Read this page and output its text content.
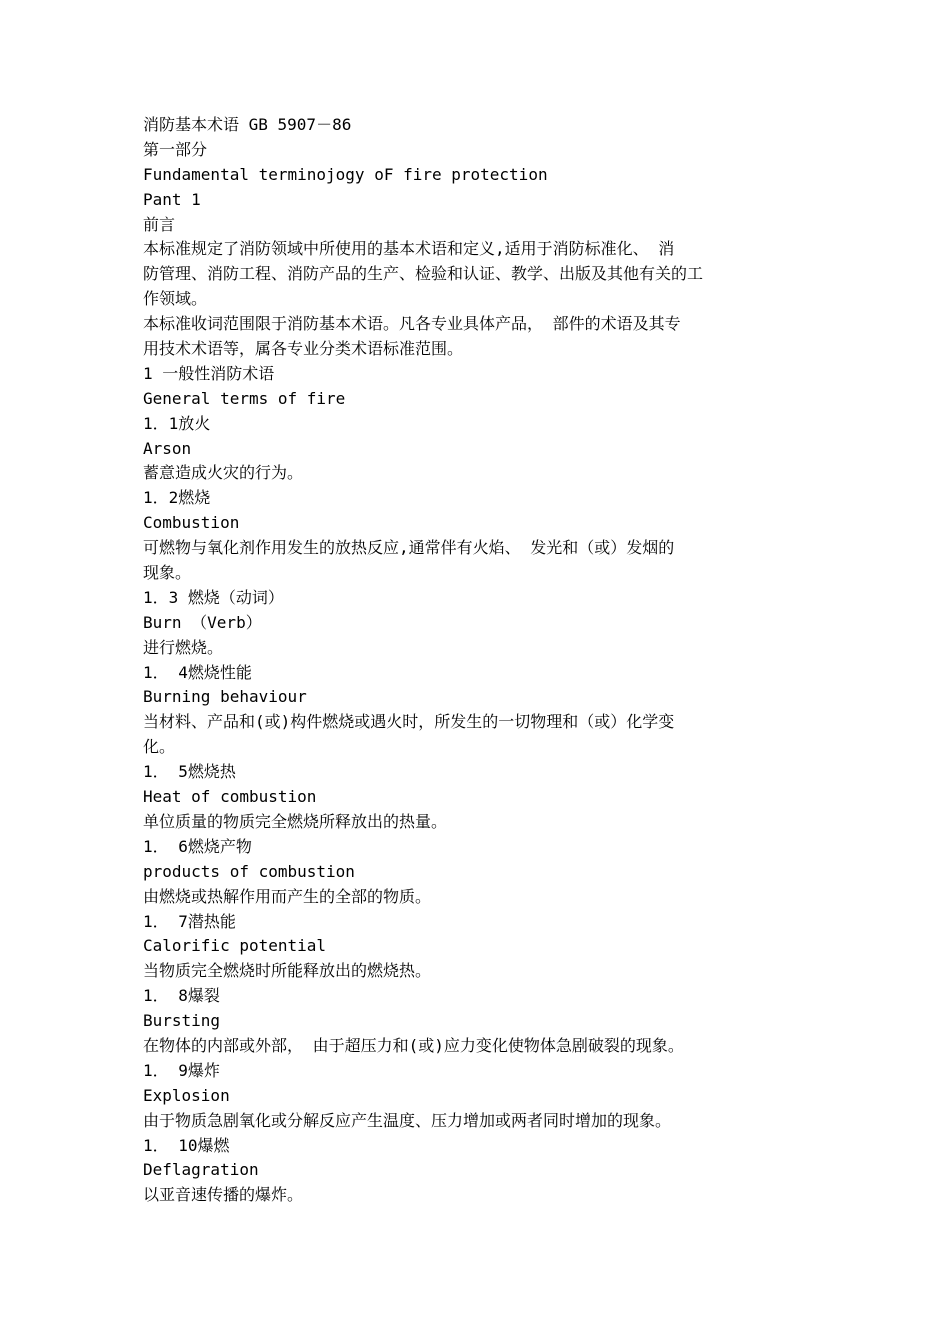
消防基本术语 GB 5907－86

第一部分

Fundamental terminojogy oF fire protection

Pant 1

前言

本标准规定了消防领域中所使用的基本术语和定义,适用于消防标准化、 消

防管理、消防工程、消防产品的生产、检验和认证、教学、出版及其他有关的工

作领域。

本标准收词范围限于消防基本术语。凡各专业具体产品， 部件的术语及其专

用技术术语等，属各专业分类术语标准范围。

1 一般性消防术语

General terms of fire

1．1放火

Arson

蓄意造成火灾的行为。

1．2燃烧

Combustion

可燃物与氧化剂作用发生的放热反应,通常伴有火焰、 发光和（或）发烟的

现象。

1．3 燃烧（动词）

Burn （Verb）

进行燃烧。

1． 4燃烧性能

Burning behaviour

当材料、产品和(或)构件燃烧或遇火时，所发生的一切物理和（或）化学变

化。

1． 5燃烧热

Heat of combustion

单位质量的物质完全燃烧所释放出的热量。

1． 6燃烧产物

products of combustion

由燃烧或热解作用而产生的全部的物质。

1． 7潜热能

Calorific potential

当物质完全燃烧时所能释放出的燃烧热。

1． 8爆裂

Bursting

在物体的内部或外部， 由于超压力和(或)应力变化使物体急剧破裂的现象。

1． 9爆炸

Explosion

由于物质急剧氧化或分解反应产生温度、压力增加或两者同时增加的现象。

1． 10爆燃

Deflagration

以亚音速传播的爆炸。
